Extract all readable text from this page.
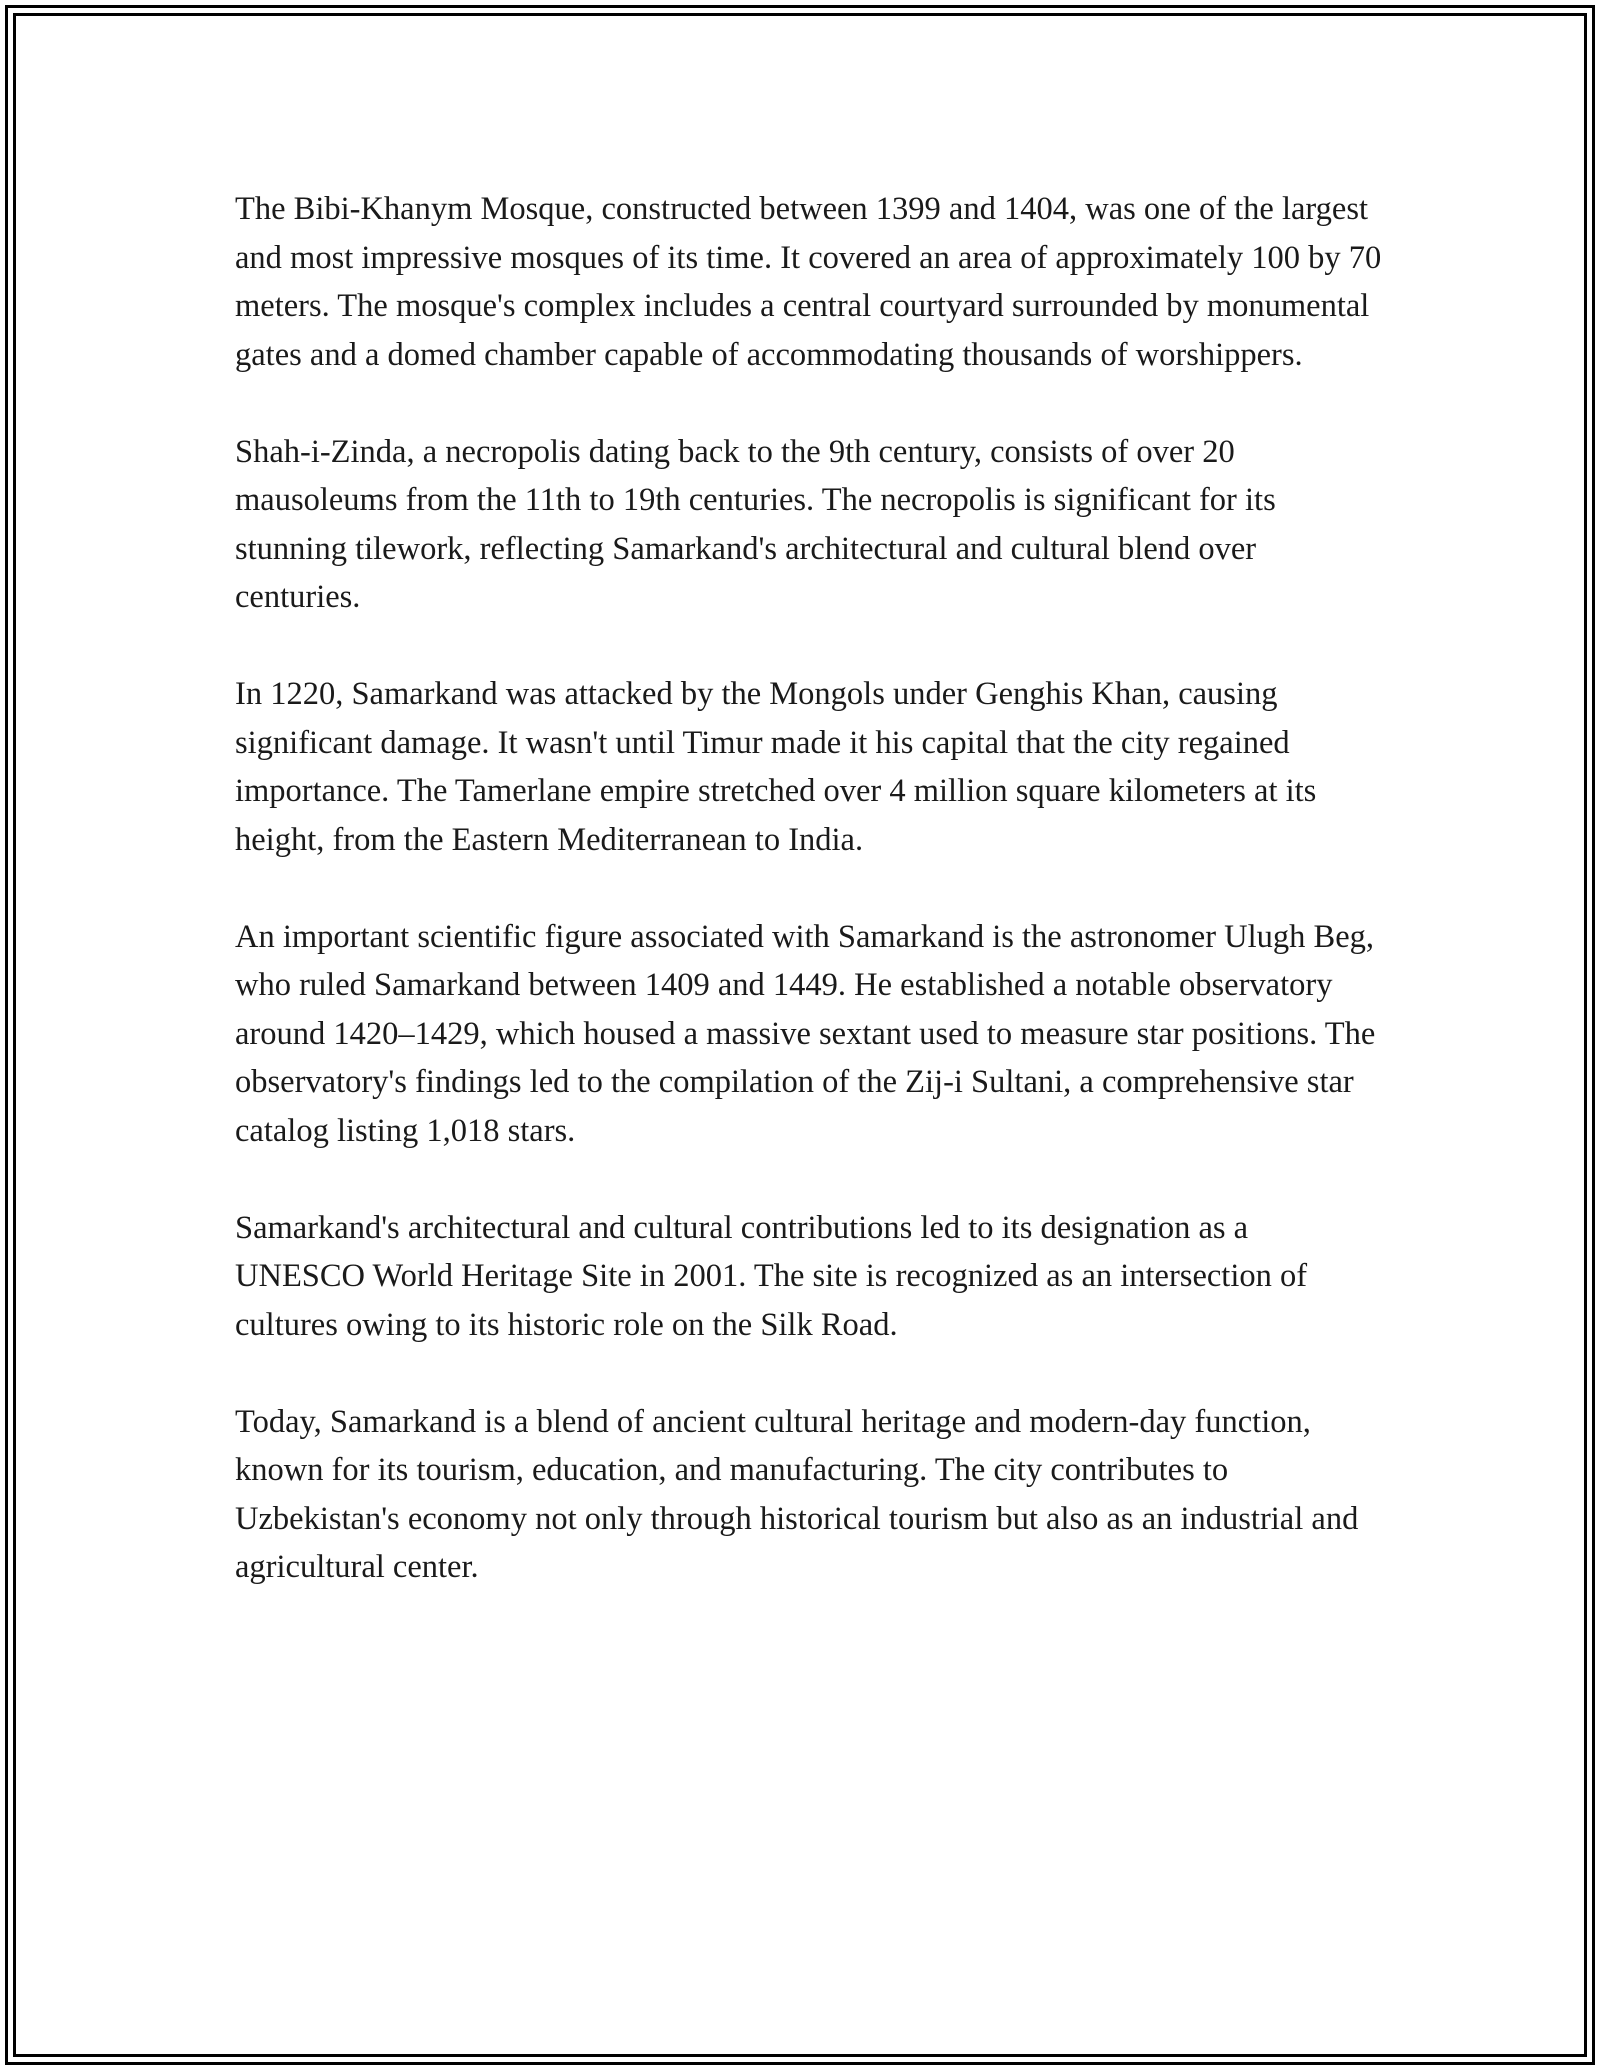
The Bibi-Khanym Mosque, constructed between 1399 and 1404, was one of the largest and most impressive mosques of its time. It covered an area of approximately 100 by 70 meters. The mosque's complex includes a central courtyard surrounded by monumental gates and a domed chamber capable of accommodating thousands of worshippers.

Shah-i-Zinda, a necropolis dating back to the 9th century, consists of over 20 mausoleums from the 11th to 19th centuries. The necropolis is significant for its stunning tilework, reflecting Samarkand's architectural and cultural blend over centuries.

In 1220, Samarkand was attacked by the Mongols under Genghis Khan, causing significant damage. It wasn't until Timur made it his capital that the city regained importance. The Tamerlane empire stretched over 4 million square kilometers at its height, from the Eastern Mediterranean to India.

An important scientific figure associated with Samarkand is the astronomer Ulugh Beg, who ruled Samarkand between 1409 and 1449. He established a notable observatory around 1420–1429, which housed a massive sextant used to measure star positions. The observatory's findings led to the compilation of the Zij-i Sultani, a comprehensive star catalog listing 1,018 stars.

Samarkand's architectural and cultural contributions led to its designation as a UNESCO World Heritage Site in 2001. The site is recognized as an intersection of cultures owing to its historic role on the Silk Road.

Today, Samarkand is a blend of ancient cultural heritage and modern-day function, known for its tourism, education, and manufacturing. The city contributes to Uzbekistan's economy not only through historical tourism but also as an industrial and agricultural center.
